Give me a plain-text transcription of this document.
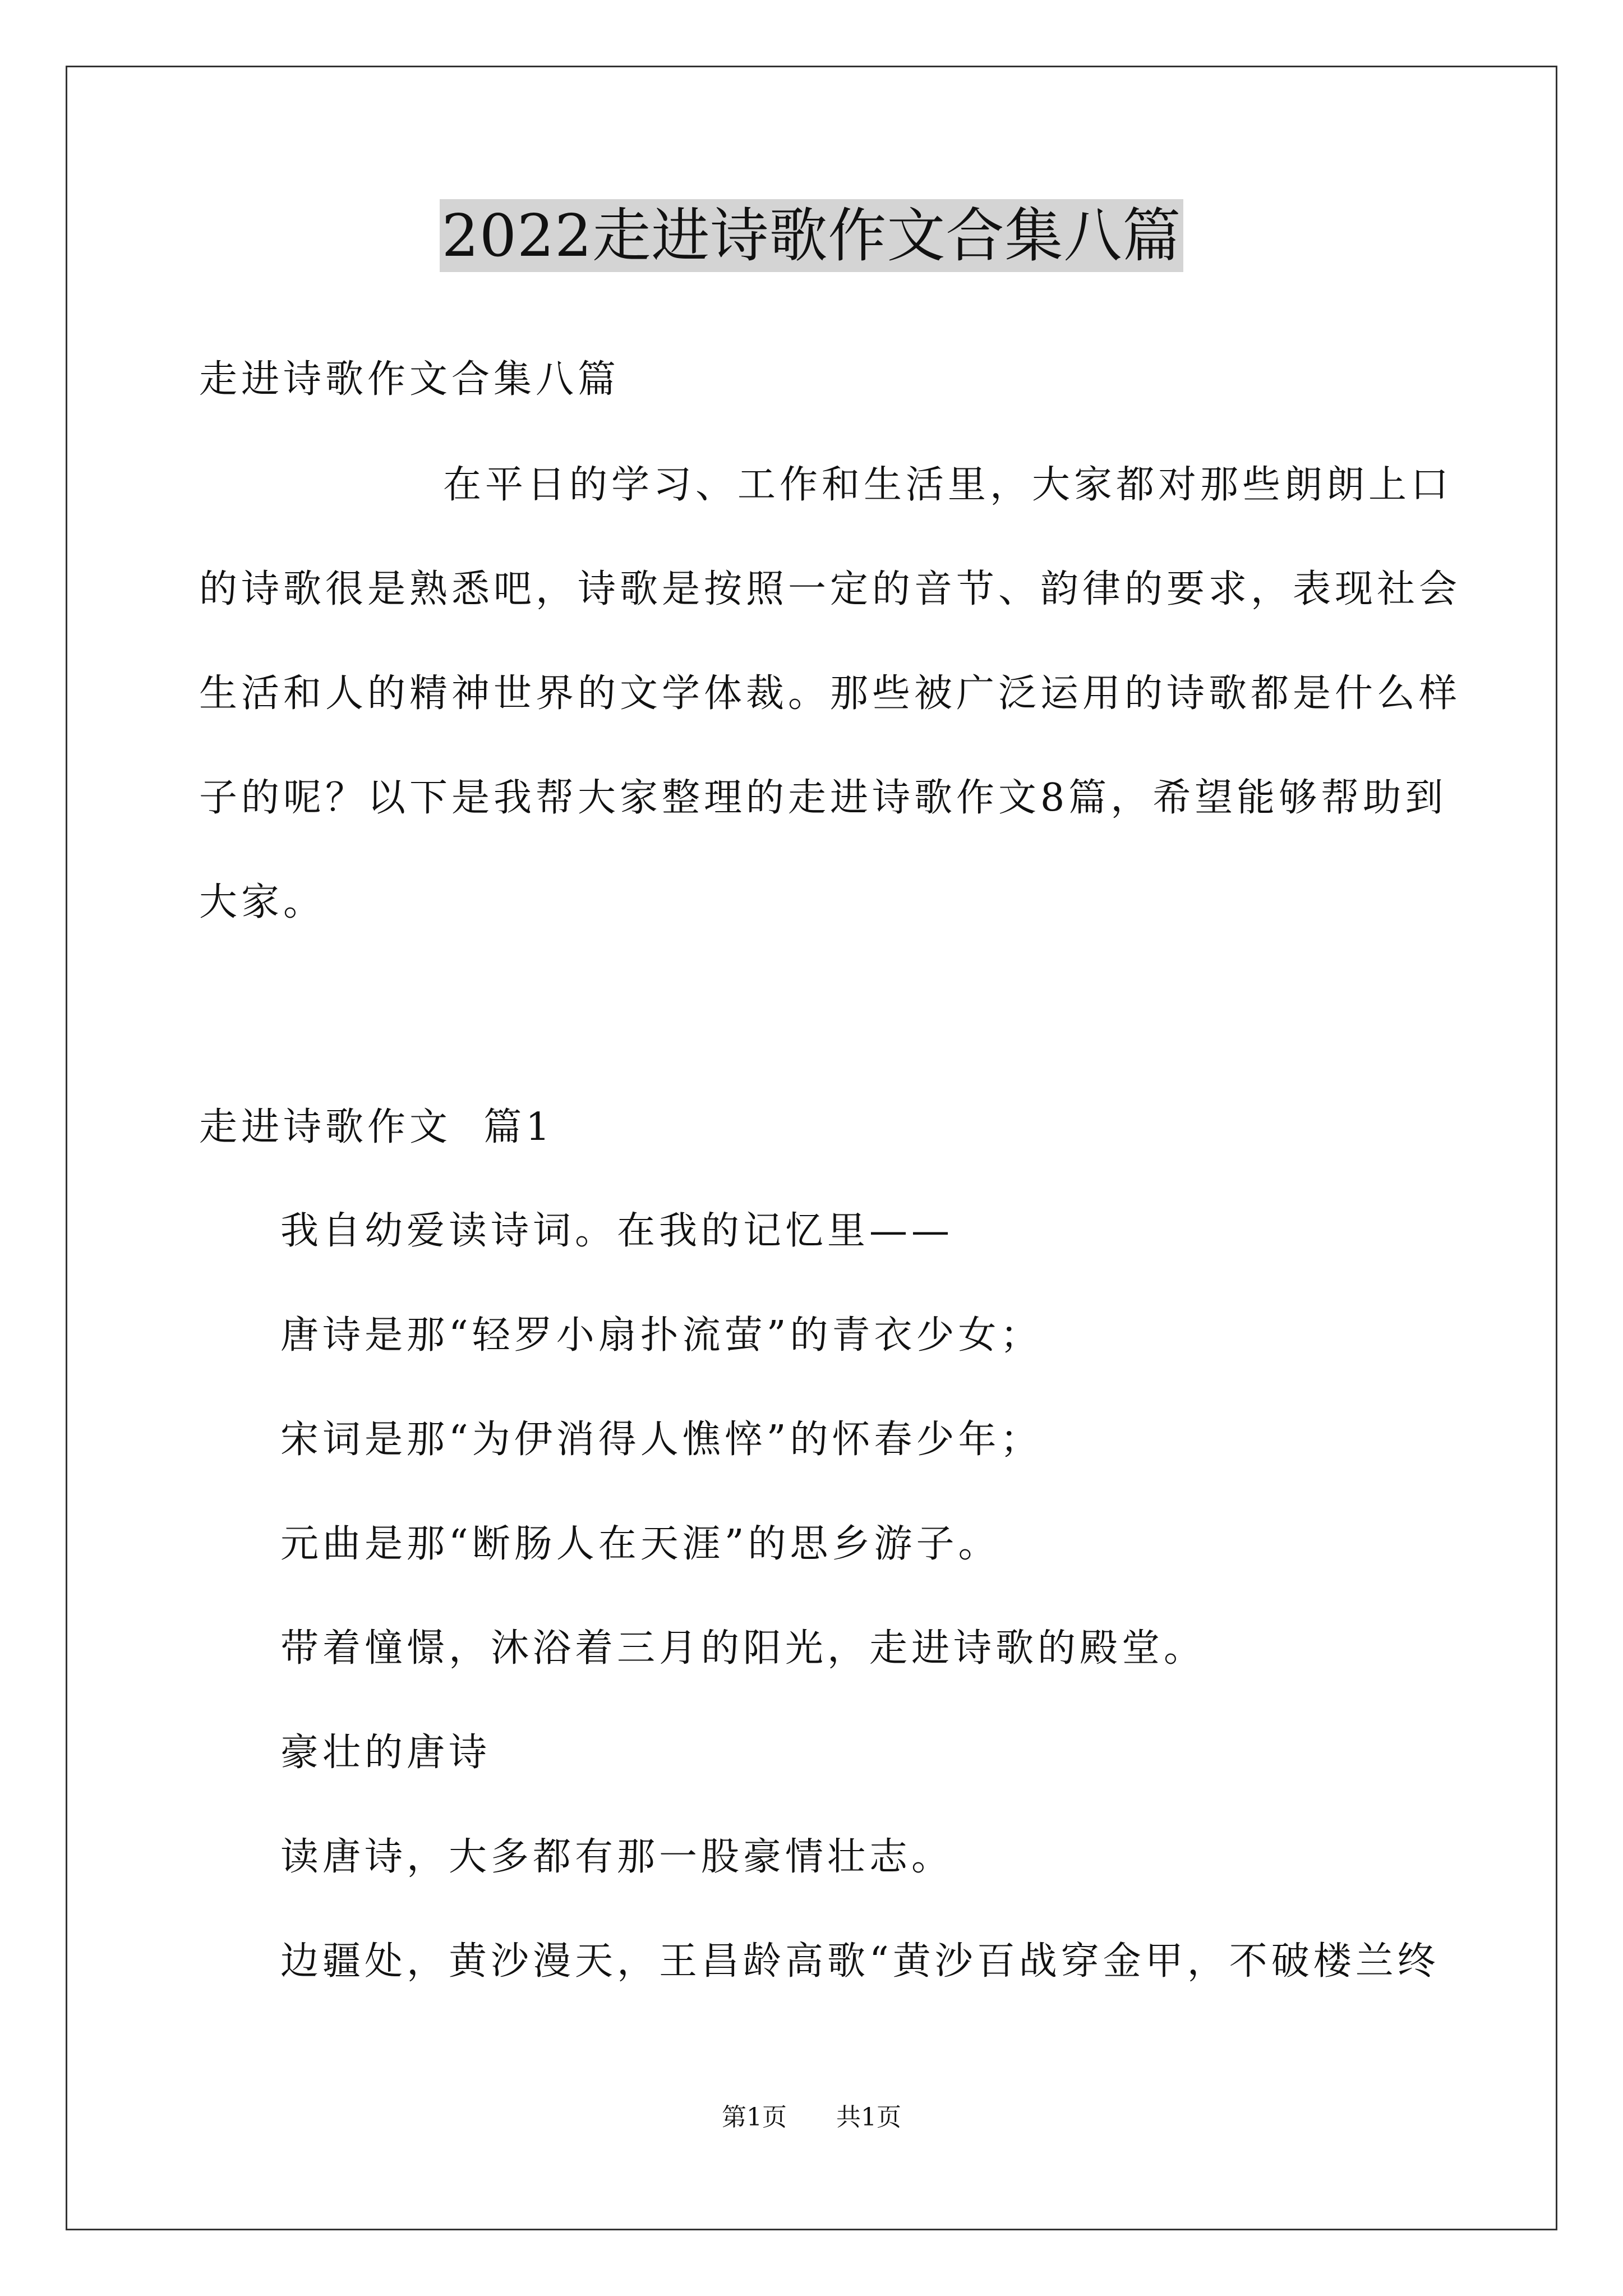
2022走进诗歌作文合集八篇
走进诗歌作文合集八篇
在平日的学习、工作和生活里，大家都对那些朗朗上口
的诗歌很是熟悉吧，诗歌是按照一定的音节、韵律的要求，表现社会
生活和人的精神世界的文学体裁。那些被广泛运用的诗歌都是什么样
子的呢？以下是我帮大家整理的走进诗歌作文8篇，希望能够帮助到
大家。
走进诗歌作文  篇1
我自幼爱读诗词。在我的记忆里——
唐诗是那“轻罗小扇扑流萤”的青衣少女；
宋词是那“为伊消得人憔悴”的怀春少年；
元曲是那“断肠人在天涯”的思乡游子。
带着憧憬，沐浴着三月的阳光，走进诗歌的殿堂。
豪壮的唐诗
读唐诗，大多都有那一股豪情壮志。
边疆处，黄沙漫天，王昌龄高歌“黄沙百战穿金甲，不破楼兰终
第1页  共1页
